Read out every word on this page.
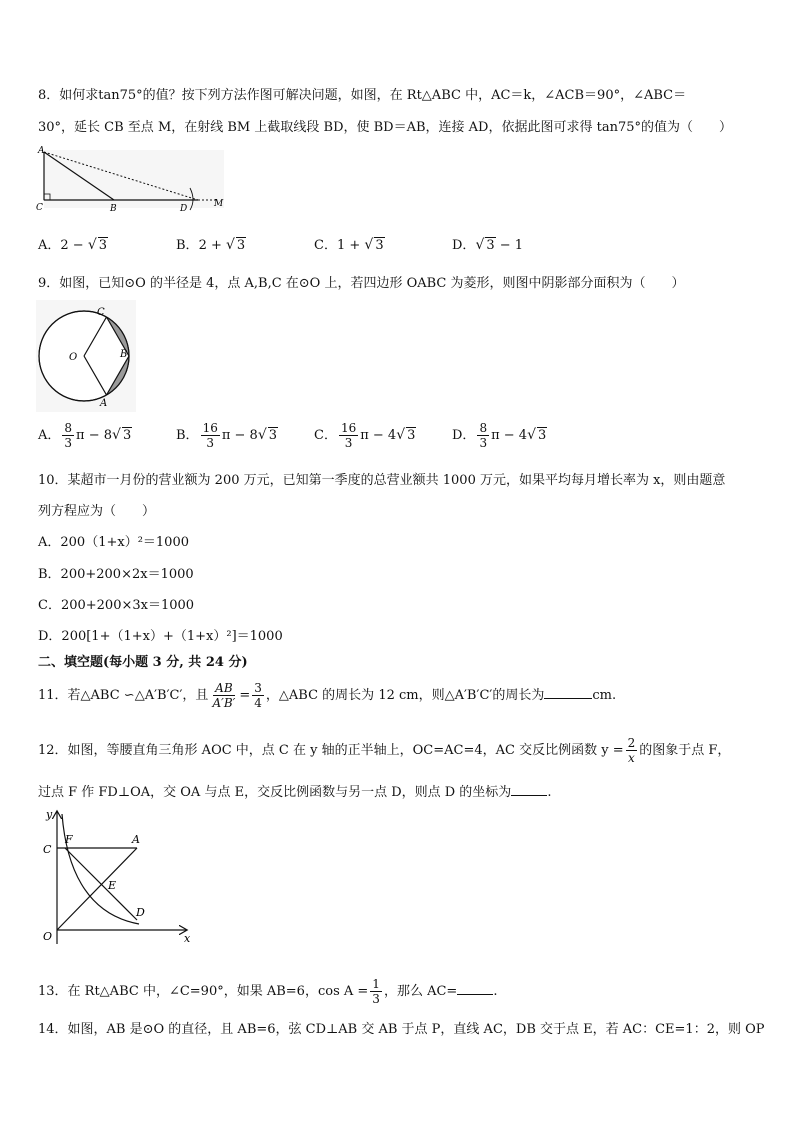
8．如何求tan75°的值？按下列方法作图可解决问题，如图，在 Rt△ABC 中，AC＝k，∠ACB＝90°，∠ABC＝
30°，延长 CB 至点 M，在射线 BM 上截取线段 BD，使 BD＝AB，连接 AD，依据此图可求得 tan75°的值为（　　）
A
C	B	D	M
A．2 − √ 3	B．2 + √ 3	C．1 + √ 3	D．√ 3 − 1
9．如图，已知⊙O 的半径是 4，点 A,B,C 在⊙O 上，若四边形 OABC 为菱形，则图中阴影部分面积为（　　）
C
O	B
A
A． $\frac{8}{3}$ π − 8√ 3	B． $\frac{16}{3}$ π − 8√ 3	C． $\frac{16}{3}$ π − 4√ 3	D． $\frac{8}{3}$ π − 4√ 3
10．某超市一月份的营业额为 200 万元，已知第一季度的总营业额共 1000 万元，如果平均每月增长率为 x，则由题意
列方程应为（　　）
A．200（1+x）²＝1000
B．200+200×2x＝1000
C．200+200×3x＝1000
D．200[1+（1+x）+（1+x）²]＝1000
二、填空题(每小题 3 分, 共 24 分)
11．若△ABC ∽△A′B′C′，且 $\frac{AB}{A'B'} = \frac{3}{4}$ ，△ABC 的周长为 12 cm，则△A′B′C′的周长为	cm.
12．如图，等腰直角三角形 AOC 中，点 C 在 y 轴的正半轴上，OC=AC=4，AC 交反比例函数 $y = \frac{2}{x}$ 的图象于点 F，
过点 F 作 FD⊥OA，交 OA 与点 E，交反比例函数与另一点 D，则点 D 的坐标为	.
y
C
F	A
E
D
O	x
13．在 Rt△ABC 中，∠C=90°，如果 AB=6，$\cos A = \frac{1}{3}$ ，那么 AC=	.
14．如图，AB 是⊙O 的直径，且 AB=6，弦 CD⊥AB 交 AB 于点 P，直线 AC，DB 交于点 E，若 AC：CE=1：2，则 OP
